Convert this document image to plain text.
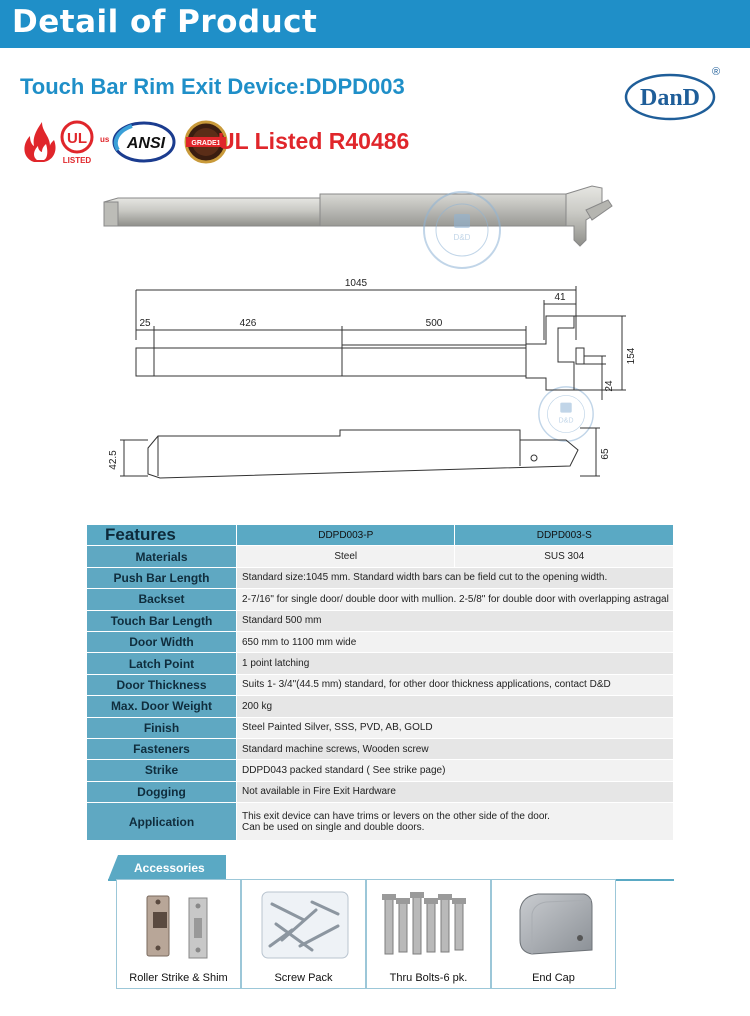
Detail of Product
Touch Bar Rim Exit Device:DDPD003	DanD
®
UL us
LISTED
ANSI	GRADE1
UL Listed R40486
D&D
D&D
1045
41
25	426	500
154
24
42.5	65
Features	DDPD003-P	DDPD003-S
Materials	Steel	SUS 304
Push Bar Length	Standard size:1045 mm. Standard width bars can be field cut to the opening width.	
Backset	2-7/16" for single door/ double door with mullion. 2-5/8" for double door with overlapping astragal	
Touch Bar Length	Standard 500 mm	
Door Width	650 mm to 1100 mm wide	
Latch Point	1 point latching	
Door Thickness	Suits 1- 3/4"(44.5 mm) standard, for other door thickness applications, contact D&D	
Max. Door Weight	200 kg	
Finish	Steel Painted Silver, SSS, PVD, AB, GOLD	
Fasteners	Standard machine screws, Wooden screw	
Strike	DDPD043 packed standard ( See strike page)	
Dogging	Not available in Fire Exit Hardware	
Application	This exit device can have trims or levers on the other side of the door.
Can be used on single and double doors.	
Accessories
Roller Strike & Shim	Screw Pack	Thru Bolts-6 pk.	End Cap
